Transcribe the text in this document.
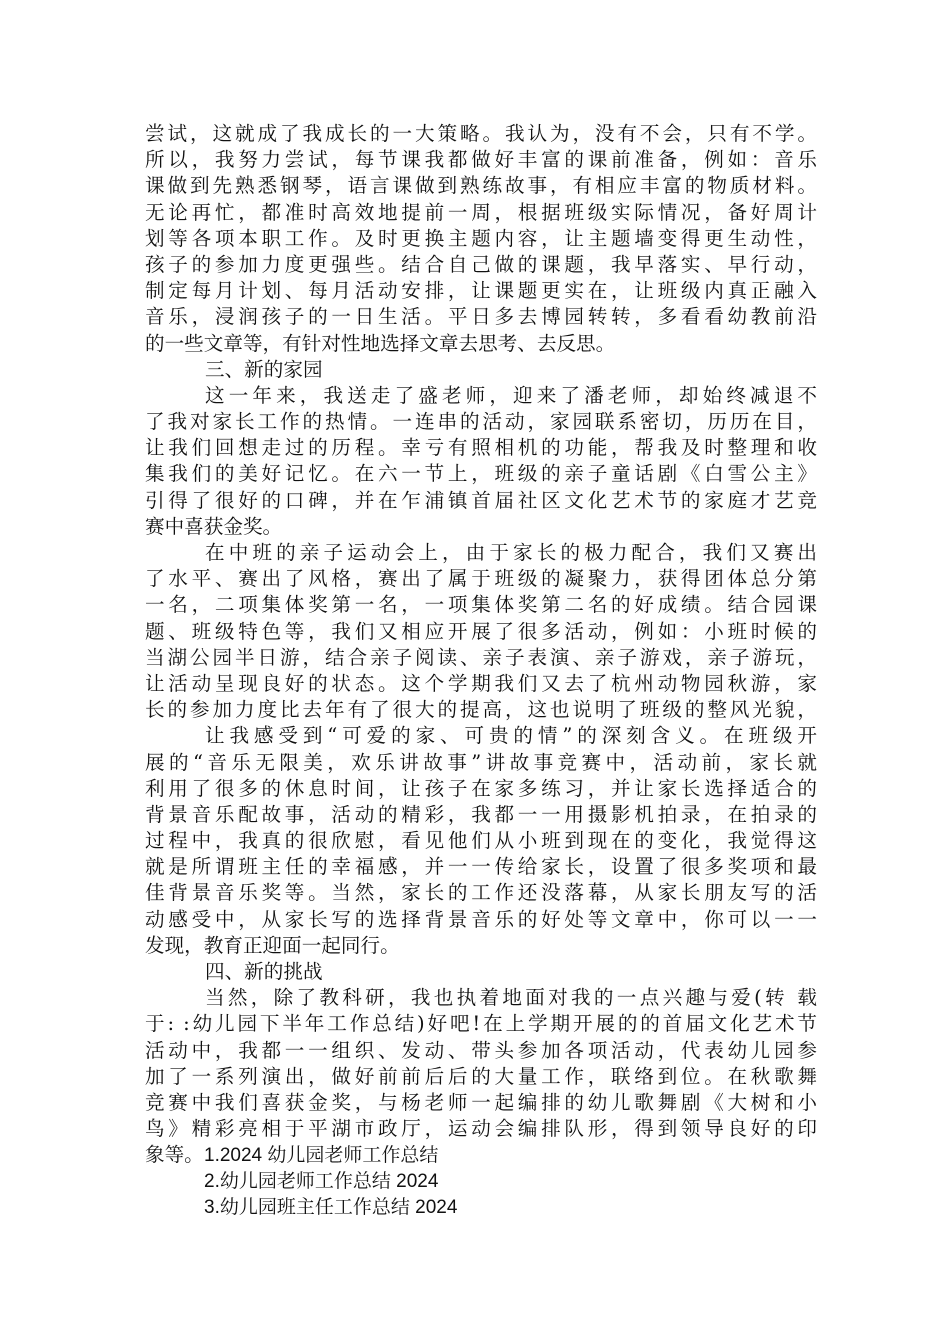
尝试，这就成了我成长的一大策略。我认为，没有不会，只有不学。
所以，我努力尝试，每节课我都做好丰富的课前准备，例如：音乐
课做到先熟悉钢琴，语言课做到熟练故事，有相应丰富的物质材料。
无论再忙，都准时高效地提前一周，根据班级实际情况，备好周计
划等各项本职工作。及时更换主题内容，让主题墙变得更生动性，
孩子的参加力度更强些。结合自己做的课题，我早落实、早行动，
制定每月计划、每月活动安排，让课题更实在，让班级内真正融入
音乐，浸润孩子的一日生活。平日多去博园转转，多看看幼教前沿
的一些文章等，有针对性地选择文章去思考、去反思。
三、新的家园
这一年来，我送走了盛老师，迎来了潘老师，却始终减退不
了我对家长工作的热情。一连串的活动，家园联系密切，历历在目，
让我们回想走过的历程。幸亏有照相机的功能，帮我及时整理和收
集我们的美好记忆。在六一节上，班级的亲子童话剧《白雪公主》
引得了很好的口碑，并在乍浦镇首届社区文化艺术节的家庭才艺竞
赛中喜获金奖。
在中班的亲子运动会上，由于家长的极力配合，我们又赛出
了水平、赛出了风格，赛出了属于班级的凝聚力，获得团体总分第
一名，二项集体奖第一名，一项集体奖第二名的好成绩。结合园课
题、班级特色等，我们又相应开展了很多活动，例如：小班时候的
当湖公园半日游，结合亲子阅读、亲子表演、亲子游戏，亲子游玩，
让活动呈现良好的状态。这个学期我们又去了杭州动物园秋游，家
长的参加力度比去年有了很大的提高，这也说明了班级的整风光貌，
让我感受到“可爱的家、可贵的情”的深刻含义。在班级开
展的“音乐无限美，欢乐讲故事”讲故事竞赛中，活动前，家长就
利用了很多的休息时间，让孩子在家多练习，并让家长选择适合的
背景音乐配故事，活动的精彩，我都一一用摄影机拍录，在拍录的
过程中，我真的很欣慰，看见他们从小班到现在的变化，我觉得这
就是所谓班主任的幸福感，并一一传给家长，设置了很多奖项和最
佳背景音乐奖等。当然，家长的工作还没落幕，从家长朋友写的活
动感受中，从家长写的选择背景音乐的好处等文章中，你可以一一
发现，教育正迎面一起同行。
四、新的挑战
当然，除了教科研，我也执着地面对我的一点兴趣与爱(转 载
于: :幼儿园下半年工作总结)好吧!在上学期开展的的首届文化艺术节
活动中，我都一一组织、发动、带头参加各项活动，代表幼儿园参
加了一系列演出，做好前前后后的大量工作，联络到位。在秋歌舞
竞赛中我们喜获金奖，与杨老师一起编排的幼儿歌舞剧《大树和小
鸟》精彩亮相于平湖市政厅，运动会编排队形，得到领导良好的印
象等。 1.2024 幼儿园老师工作总结
2.幼儿园老师工作总结 2024
3.幼儿园班主任工作总结 2024
